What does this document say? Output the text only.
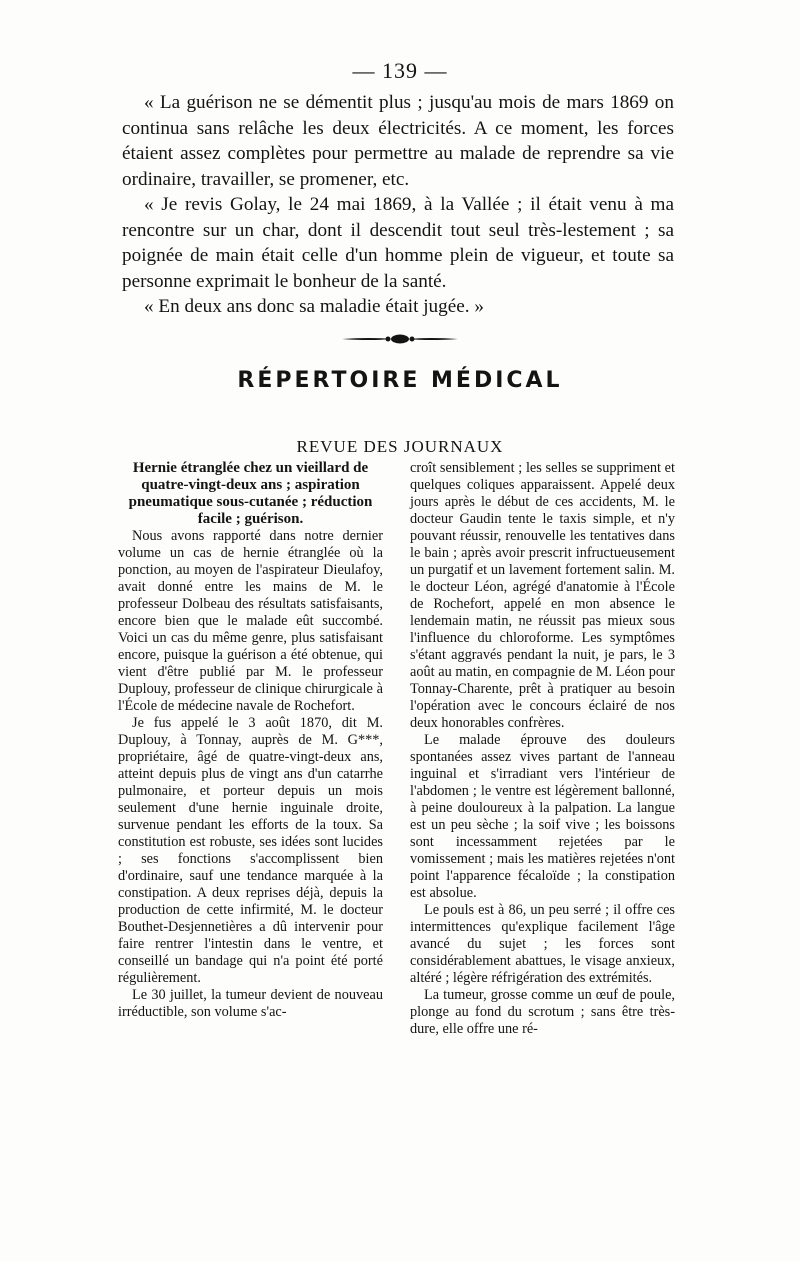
— 139 —

« La guérison ne se démentit plus ; jusqu'au mois de mars 1869 on continua sans relâche les deux électricités. A ce moment, les forces étaient assez complètes pour permettre au malade de reprendre sa vie ordinaire, travailler, se promener, etc.

« Je revis Golay, le 24 mai 1869, à la Vallée ; il était venu à ma rencontre sur un char, dont il descendit tout seul très-lestement ; sa poignée de main était celle d'un homme plein de vigueur, et toute sa personne exprimait le bonheur de la santé.

« En deux ans donc sa maladie était jugée. »

RÉPERTOIRE MÉDICAL
REVUE DES JOURNAUX

Hernie étranglée chez un vieillard de quatre-vingt-deux ans ; aspiration pneumatique sous-cutanée ; réduction facile ; guérison.

Nous avons rapporté dans notre dernier volume un cas de hernie étranglée où la ponction, au moyen de l'aspirateur Dieulafoy, avait donné entre les mains de M. le professeur Dolbeau des résultats satisfaisants, encore bien que le malade eût succombé. Voici un cas du même genre, plus satisfaisant encore, puisque la guérison a été obtenue, qui vient d'être publié par M. le professeur Duplouy, professeur de clinique chirurgicale à l'École de médecine navale de Rochefort.

Je fus appelé le 3 août 1870, dit M. Duplouy, à Tonnay, auprès de M. G***, propriétaire, âgé de quatre-vingt-deux ans, atteint depuis plus de vingt ans d'un catarrhe pulmonaire, et porteur depuis un mois seulement d'une hernie inguinale droite, survenue pendant les efforts de la toux. Sa constitution est robuste, ses idées sont lucides ; ses fonctions s'accomplissent bien d'ordinaire, sauf une tendance marquée à la constipation. A deux reprises déjà, depuis la production de cette infirmité, M. le docteur Bouthet-Desjennetières a dû intervenir pour faire rentrer l'intestin dans le ventre, et conseillé un bandage qui n'a point été porté régulièrement.

Le 30 juillet, la tumeur devient de nouveau irréductible, son volume s'ac-

croît sensiblement ; les selles se suppriment et quelques coliques apparaissent. Appelé deux jours après le début de ces accidents, M. le docteur Gaudin tente le taxis simple, et n'y pouvant réussir, renouvelle les tentatives dans le bain ; après avoir prescrit infructueusement un purgatif et un lavement fortement salin. M. le docteur Léon, agrégé d'anatomie à l'École de Rochefort, appelé en mon absence le lendemain matin, ne réussit pas mieux sous l'influence du chloroforme. Les symptômes s'étant aggravés pendant la nuit, je pars, le 3 août au matin, en compagnie de M. Léon pour Tonnay-Charente, prêt à pratiquer au besoin l'opération avec le concours éclairé de nos deux honorables confrères.

Le malade éprouve des douleurs spontanées assez vives partant de l'anneau inguinal et s'irradiant vers l'intérieur de l'abdomen ; le ventre est légèrement ballonné, à peine douloureux à la palpation. La langue est un peu sèche ; la soif vive ; les boissons sont incessamment rejetées par le vomissement ; mais les matières rejetées n'ont point l'apparence fécaloïde ; la constipation est absolue.

Le pouls est à 86, un peu serré ; il offre ces intermittences qu'explique facilement l'âge avancé du sujet ; les forces sont considérablement abattues, le visage anxieux, altéré ; légère réfrigération des extrémités.

La tumeur, grosse comme un œuf de poule, plonge au fond du scrotum ; sans être très-dure, elle offre une ré-
